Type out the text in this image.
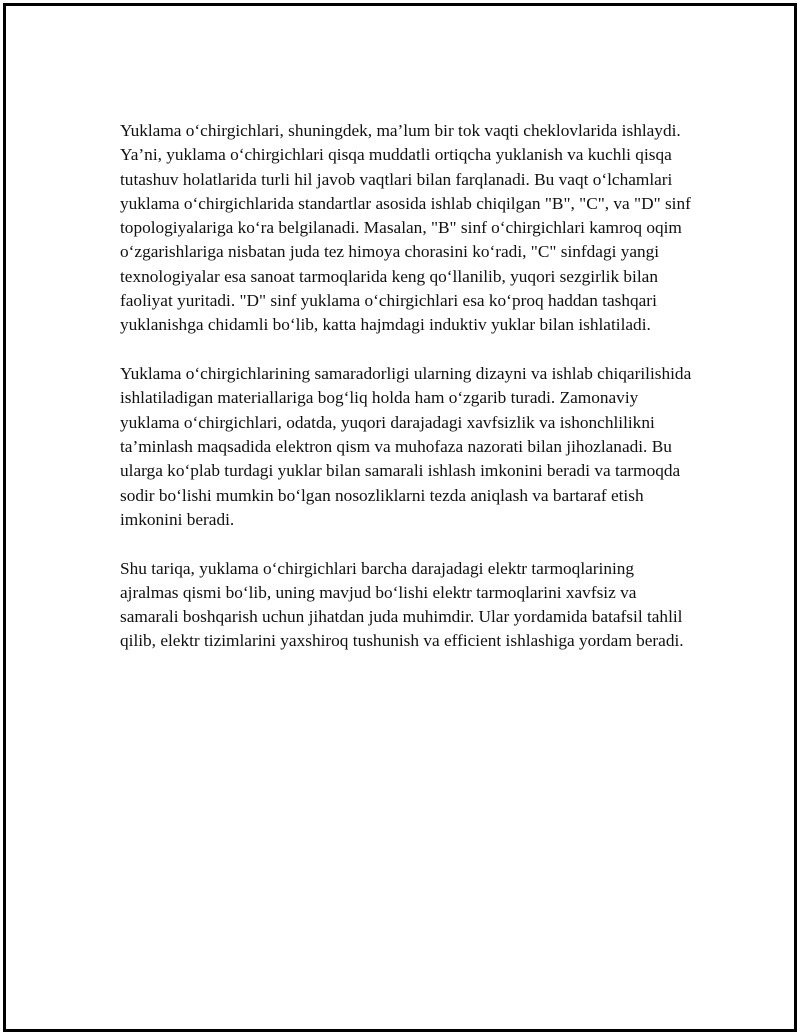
Yuklama o‘chirgichlari, shuningdek, ma’lum bir tok vaqti cheklovlarida ishlaydi. Ya’ni, yuklama o‘chirgichlari qisqa muddatli ortiqcha yuklanish va kuchli qisqa tutashuv holatlarida turli hil javob vaqtlari bilan farqlanadi. Bu vaqt o‘lchamlari yuklama o‘chirgichlarida standartlar asosida ishlab chiqilgan "B", "C", va "D" sinf topologiyalariga ko‘ra belgilanadi. Masalan, "B" sinf o‘chirgichlari kamroq oqim o‘zgarishlariga nisbatan juda tez himoya chorasini ko‘radi, "C" sinfdagi yangi texnologiyalar esa sanoat tarmoqlarida keng qo‘llanilib, yuqori sezgirlik bilan faoliyat yuritadi. "D" sinf yuklama o‘chirgichlari esa ko‘proq haddan tashqari yuklanishga chidamli bo‘lib, katta hajmdagi induktiv yuklar bilan ishlatiladi.

Yuklama o‘chirgichlarining samaradorligi ularning dizayni va ishlab chiqarilishida ishlatiladigan materiallariga bog‘liq holda ham o‘zgarib turadi. Zamonaviy yuklama o‘chirgichlari, odatda, yuqori darajadagi xavfsizlik va ishonchlilikni ta’minlash maqsadida elektron qism va muhofaza nazorati bilan jihozlanadi. Bu ularga ko‘plab turdagi yuklar bilan samarali ishlash imkonini beradi va tarmoqda sodir bo‘lishi mumkin bo‘lgan nosozliklarni tezda aniqlash va bartaraf etish imkonini beradi.

Shu tariqa, yuklama o‘chirgichlari barcha darajadagi elektr tarmoqlarining ajralmas qismi bo‘lib, uning mavjud bo‘lishi elektr tarmoqlarini xavfsiz va samarali boshqarish uchun jihatdan juda muhimdir. Ular yordamida batafsil tahlil qilib, elektr tizimlarini yaxshiroq tushunish va efficient ishlashiga yordam beradi.
